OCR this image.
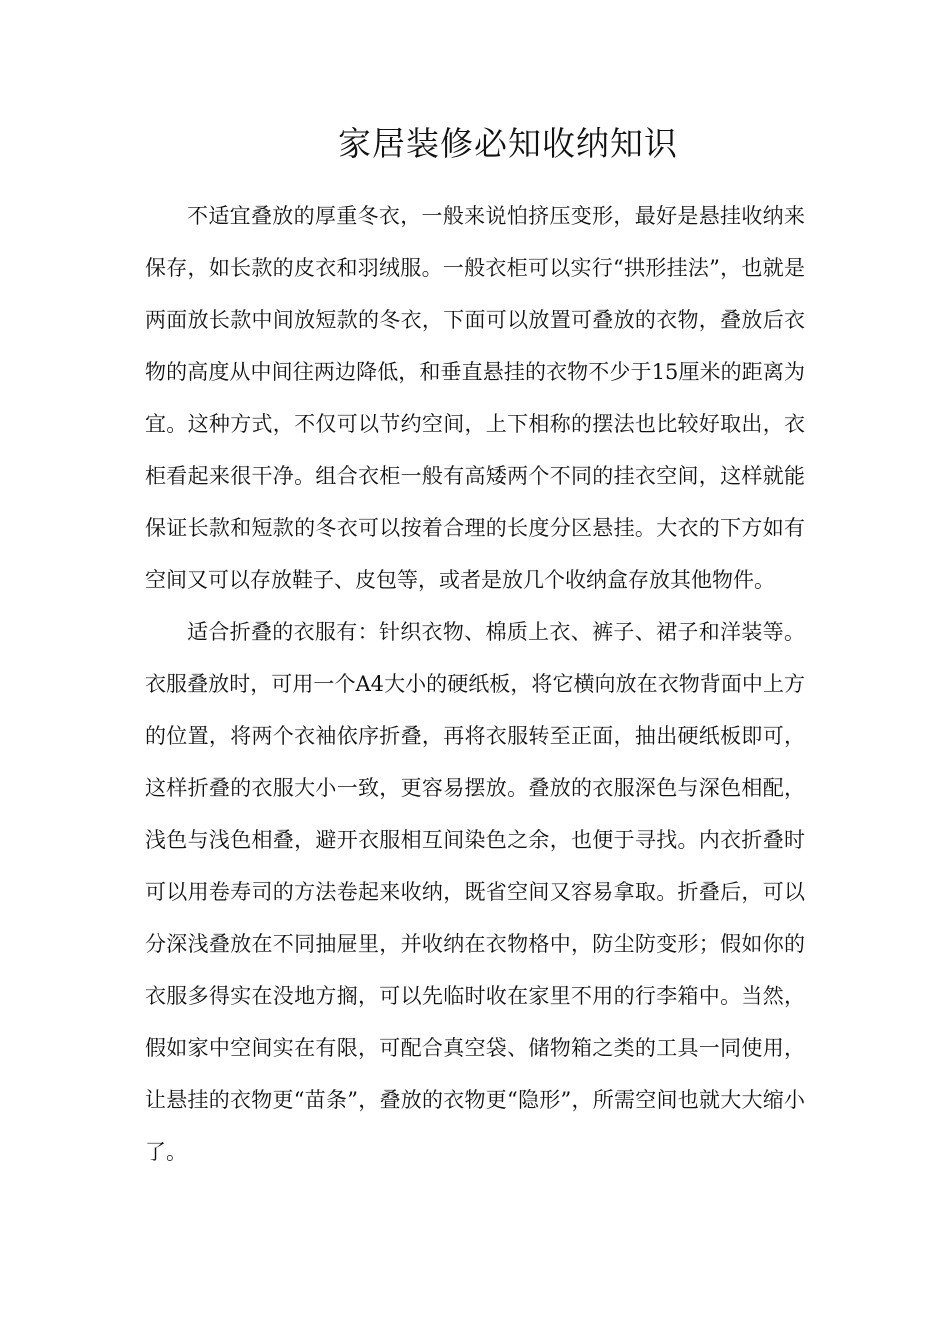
家居装修必知收纳知识

不适宜叠放的厚重冬衣，一般来说怕挤压变形，最好是悬挂收纳来保存，如长款的皮衣和羽绒服。一般衣柜可以实行“拱形挂法”，也就是两面放长款中间放短款的冬衣，下面可以放置可叠放的衣物，叠放后衣物的高度从中间往两边降低，和垂直悬挂的衣物不少于15厘米的距离为宜。这种方式，不仅可以节约空间，上下相称的摆法也比较好取出，衣柜看起来很干净。组合衣柜一般有高矮两个不同的挂衣空间，这样就能保证长款和短款的冬衣可以按着合理的长度分区悬挂。大衣的下方如有空间又可以存放鞋子、皮包等，或者是放几个收纳盒存放其他物件。

适合折叠的衣服有：针织衣物、棉质上衣、裤子、裙子和洋装等。衣服叠放时，可用一个A4大小的硬纸板，将它横向放在衣物背面中上方的位置，将两个衣袖依序折叠，再将衣服转至正面，抽出硬纸板即可，这样折叠的衣服大小一致，更容易摆放。叠放的衣服深色与深色相配，浅色与浅色相叠，避开衣服相互间染色之余，也便于寻找。内衣折叠时可以用卷寿司的方法卷起来收纳，既省空间又容易拿取。折叠后，可以分深浅叠放在不同抽屉里，并收纳在衣物格中，防尘防变形；假如你的衣服多得实在没地方搁，可以先临时收在家里不用的行李箱中。当然，假如家中空间实在有限，可配合真空袋、储物箱之类的工具一同使用，让悬挂的衣物更“苗条”，叠放的衣物更“隐形”，所需空间也就大大缩小了。
